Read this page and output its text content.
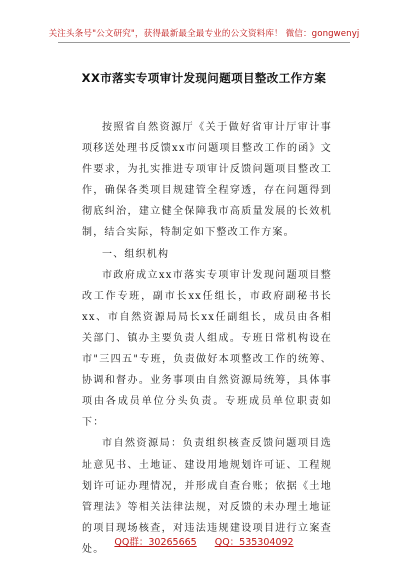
关注头条号"公文研究"，获得最新最全最专业的公文资料库！ 微信：gongwenyj
XX市落实专项审计发现问题项目整改工作方案

按照省自然资源厅《关于做好省审计厅审计事项移送处理书反馈xx市问题项目整改工作的函》文件要求，为扎实推进专项审计反馈问题项目整改工作，确保各类项目规建管全程穿透，存在问题得到彻底纠治，建立健全保障我市高质量发展的长效机制，结合实际，特制定如下整改工作方案。

一、组织机构

市政府成立xx市落实专项审计发现问题项目整改工作专班，副市长xx任组长，市政府副秘书长xx、市自然资源局局长xx任副组长，成员由各相关部门、镇办主要负责人组成。专班日常机构设在市"三四五"专班，负责做好本项整改工作的统筹、协调和督办。业务事项由自然资源局统筹，具体事项由各成员单位分头负责。专班成员单位职责如下：

市自然资源局：负责组织核查反馈问题项目选址意见书、土地证、建设用地规划许可证、工程规划许可证办理情况，并形成自查台账；依据《土地管理法》等相关法律法规，对反馈的未办理土地证的项目现场核查，对违法违规建设项目进行立案查处。

QQ群：30265665 QQ：535304092
